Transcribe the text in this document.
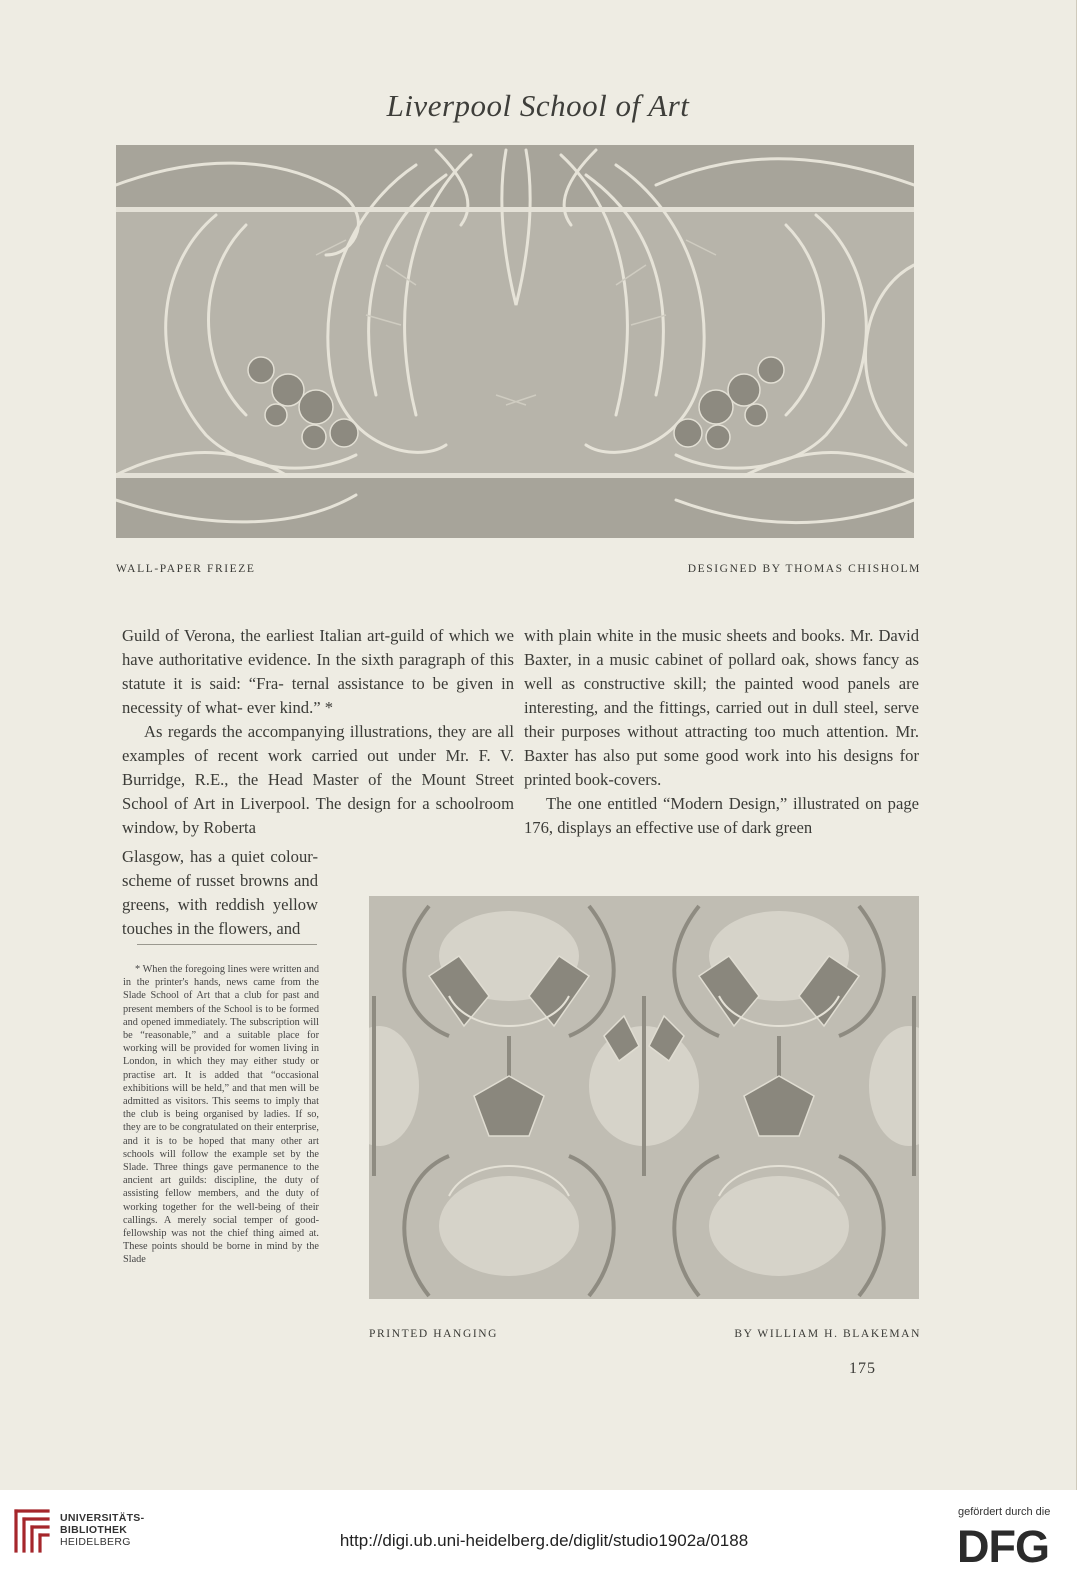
Liverpool School of Art
WALL-PAPER FRIEZE	DESIGNED BY THOMAS CHISHOLM

Guild of Verona, the earliest Italian art-guild of which we have authoritative evidence. In the sixth paragraph of this statute it is said: “Fra- ternal assistance to be given in necessity of what- ever kind.” *

As regards the accompanying illustrations, they are all examples of recent work carried out under Mr. F. V. Burridge, R.E., the Head Master of the Mount Street School of Art in Liverpool. The design for a schoolroom window, by Roberta

Glasgow, has a quiet colour- scheme of russet browns and greens, with reddish yellow touches in the flowers, and

with plain white in the music sheets and books. Mr. David Baxter, in a music cabinet of pollard oak, shows fancy as well as constructive skill; the painted wood panels are interesting, and the fittings, carried out in dull steel, serve their purposes without attracting too much attention. Mr. Baxter has also put some good work into his designs for printed book-covers.

The one entitled “Modern Design,” illustrated on page 176, displays an effective use of dark green

* When the foregoing lines were written and in the printer's hands, news came from the Slade School of Art that a club for past and present members of the School is to be formed and opened immediately. The subscription will be “reasonable,” and a suitable place for working will be provided for women living in London, in which they may either study or practise art. It is added that “occasional exhibitions will be held,” and that men will be admitted as visitors. This seems to imply that the club is being organised by ladies. If so, they are to be congratulated on their enterprise, and it is to be hoped that many other art schools will follow the example set by the Slade. Three things gave permanence to the ancient art guilds: discipline, the duty of assisting fellow members, and the duty of working together for the well-being of their callings. A merely social temper of good-fellowship was not the chief thing aimed at. These points should be borne in mind by the Slade
PRINTED HANGING	BY WILLIAM H. BLAKEMAN
175
UNIVERSITÄTS-
BIBLIOTHEK
HEIDELBERG	http://digi.ub.uni-heidelberg.de/diglit/studio1902a/0188
gefördert durch die
DFG
